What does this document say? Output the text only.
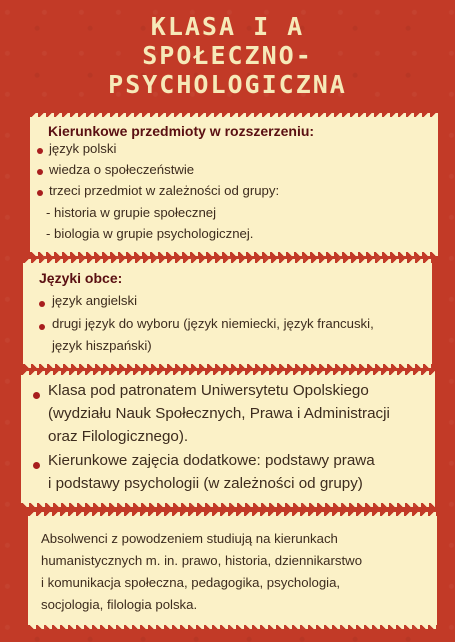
KLASA I A
SPOŁECZNO-
PSYCHOLOGICZNA
Kierunkowe przedmioty w rozszerzeniu:
język polski
wiedza o społeczeństwie
trzeci przedmiot w zależności od grupy:
- historia w grupie społecznej
- biologia w grupie psychologicznej.
Języki obce:
język angielski
drugi język do wyboru (język niemiecki, język francuski,
język hiszpański)
Klasa pod patronatem Uniwersytetu Opolskiego
(wydziału Nauk Społecznych, Prawa i Administracji
oraz Filologicznego).
Kierunkowe zajęcia dodatkowe: podstawy prawa
i podstawy psychologii (w zależności od grupy)
Absolwenci z powodzeniem studiują na kierunkach
humanistycznych m. in. prawo, historia, dziennikarstwo
i komunikacja społeczna, pedagogika, psychologia,
socjologia, filologia polska.
